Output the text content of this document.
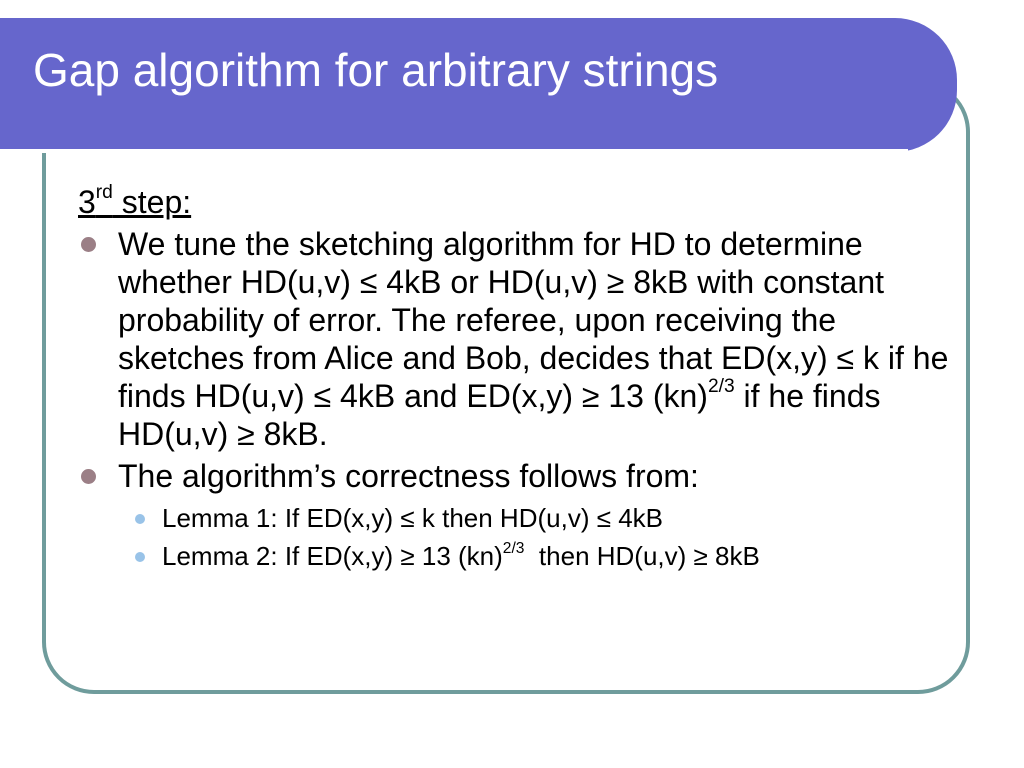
Gap algorithm for arbitrary strings

3rd step:

We tune the sketching algorithm for HD to determine whether HD(u,v) ≤ 4kB or HD(u,v) ≥ 8kB with constant probability of error. The referee, upon receiving the sketches from Alice and Bob, decides that ED(x,y) ≤ k if he finds HD(u,v) ≤ 4kB and ED(x,y) ≥ 13 (kn)$^{2/3}$ if he finds HD(u,v) ≥ 8kB.
The algorithm’s correctness follows from:
Lemma 1: If ED(x,y) ≤ k then HD(u,v) ≤ 4kB
Lemma 2: If ED(x,y) ≥ 13 (kn)$^{2/3}$  then HD(u,v) ≥ 8kB
